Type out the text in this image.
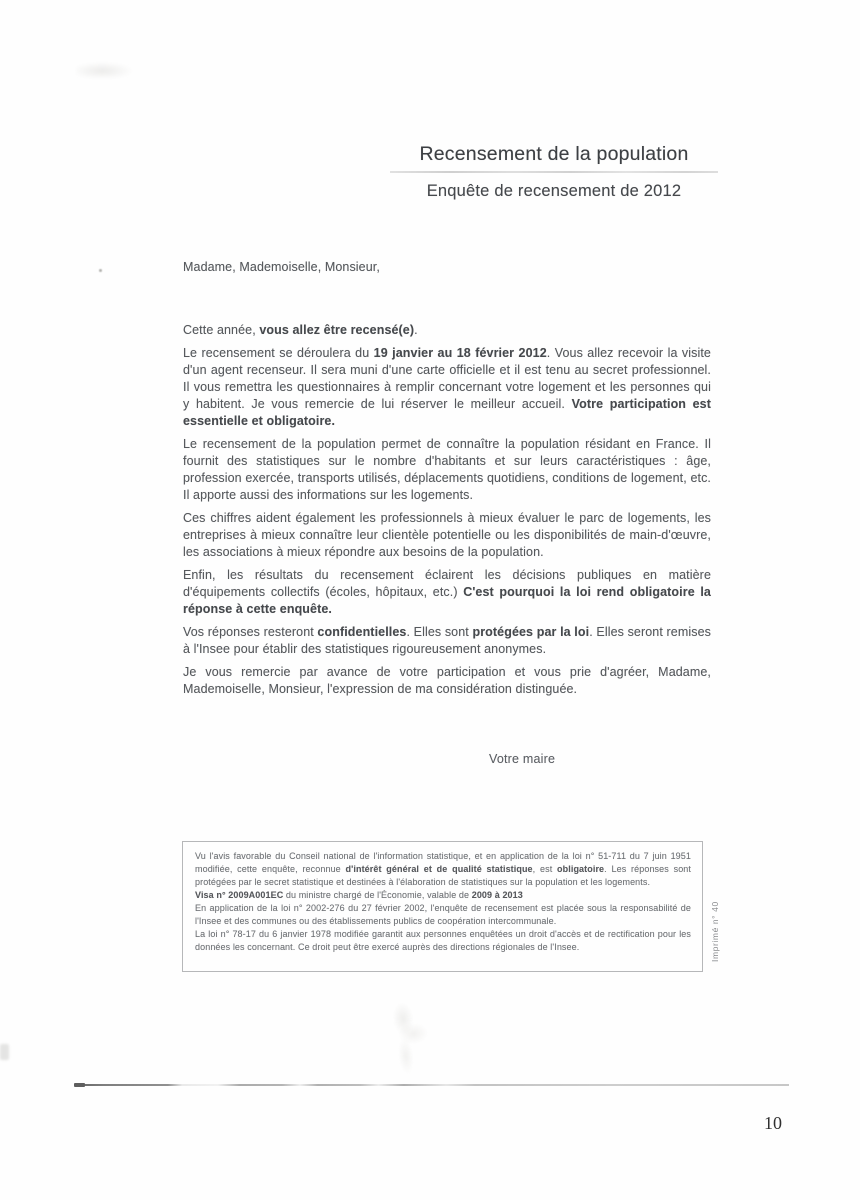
Recensement de la population
Enquête de recensement de 2012

Madame, Mademoiselle, Monsieur,

Cette année, vous allez être recensé(e).

Le recensement se déroulera du 19 janvier au 18 février 2012. Vous allez recevoir la visite d'un agent recenseur. Il sera muni d'une carte officielle et il est tenu au secret professionnel. Il vous remettra les questionnaires à remplir concernant votre logement et les personnes qui y habitent. Je vous remercie de lui réserver le meilleur accueil. Votre participation est essentielle et obligatoire.

Le recensement de la population permet de connaître la population résidant en France. Il fournit des statistiques sur le nombre d'habitants et sur leurs caractéristiques : âge, profession exercée, transports utilisés, déplacements quotidiens, conditions de logement, etc. Il apporte aussi des informations sur les logements.

Ces chiffres aident également les professionnels à mieux évaluer le parc de logements, les entreprises à mieux connaître leur clientèle potentielle ou les disponibilités de main-d'œuvre, les associations à mieux répondre aux besoins de la population.

Enfin, les résultats du recensement éclairent les décisions publiques en matière d'équipements collectifs (écoles, hôpitaux, etc.) C'est pourquoi la loi rend obligatoire la réponse à cette enquête.

Vos réponses resteront confidentielles. Elles sont protégées par la loi. Elles seront remises à l'Insee pour établir des statistiques rigoureusement anonymes.

Je vous remercie par avance de votre participation et vous prie d'agréer, Madame, Mademoiselle, Monsieur, l'expression de ma considération distinguée.

Votre maire

Vu l'avis favorable du Conseil national de l'information statistique, et en application de la loi n° 51-711 du 7 juin 1951 modifiée, cette enquête, reconnue d'intérêt général et de qualité statistique, est obligatoire. Les réponses sont protégées par le secret statistique et destinées à l'élaboration de statistiques sur la population et les logements.

Visa n° 2009A001EC du ministre chargé de l'Économie, valable de 2009 à 2013

En application de la loi n° 2002-276 du 27 février 2002, l'enquête de recensement est placée sous la responsabilité de l'Insee et des communes ou des établissements publics de coopération intercommunale.

La loi n° 78-17 du 6 janvier 1978 modifiée garantit aux personnes enquêtées un droit d'accès et de rectification pour les données les concernant. Ce droit peut être exercé auprès des directions régionales de l'Insee.	Imprimé n° 40
10
